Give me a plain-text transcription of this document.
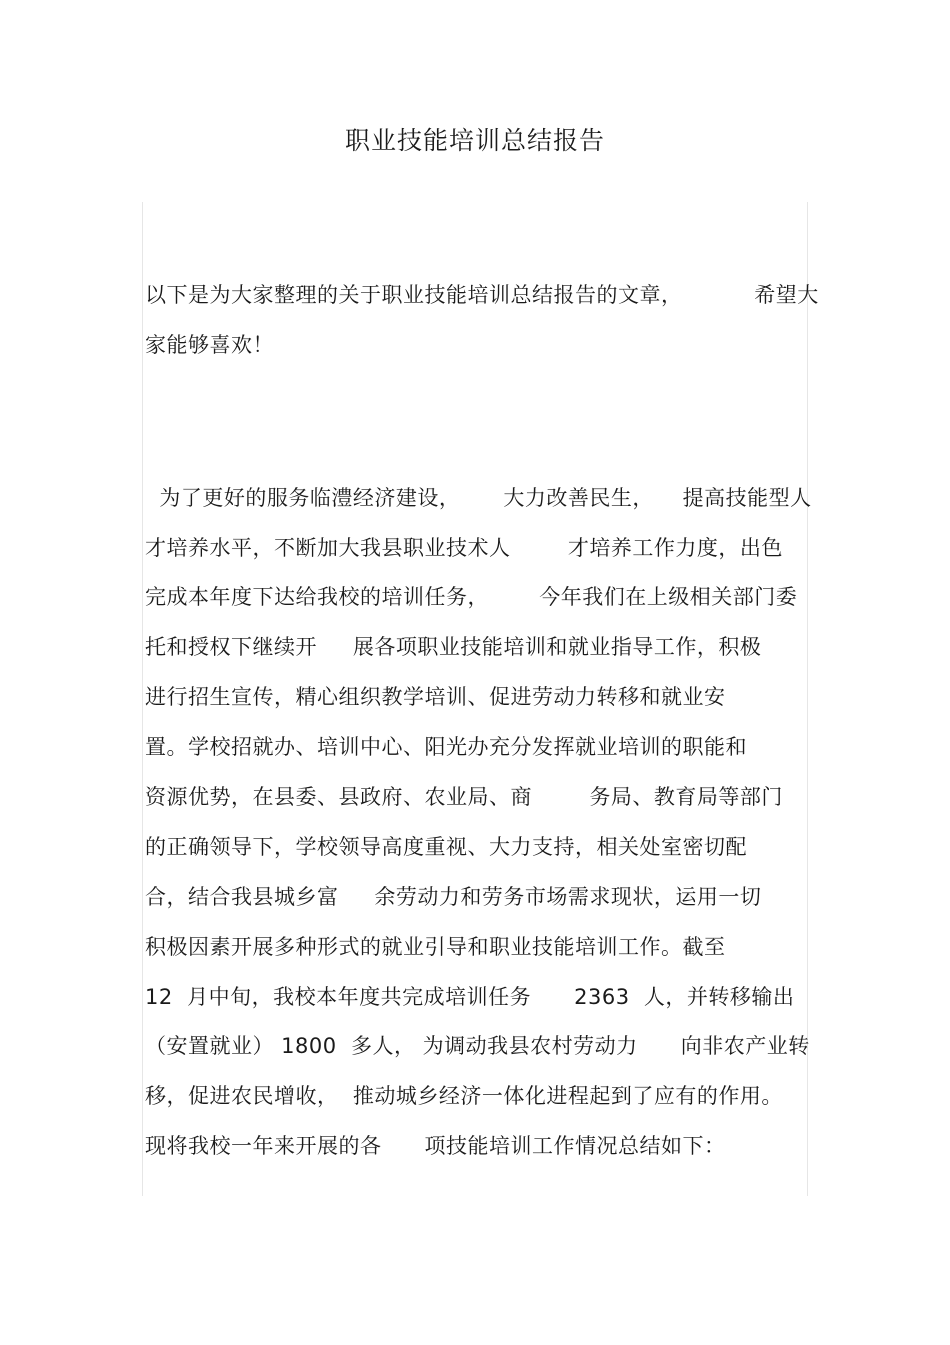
职业技能培训总结报告
以下是为大家整理的关于职业技能培训总结报告的文章，          希望大
家能够喜欢！
为了更好的服务临澧经济建设，      大力改善民生，    提高技能型人
才培养水平，不断加大我县职业技术人        才培养工作力度，出色
完成本年度下达给我校的培训任务，       今年我们在上级相关部门委
托和授权下继续开     展各项职业技能培训和就业指导工作，积极
进行招生宣传，精心组织教学培训、促进劳动力转移和就业安
置。学校招就办、培训中心、阳光办充分发挥就业培训的职能和
资源优势，在县委、县政府、农业局、商        务局、教育局等部门
的正确领导下，学校领导高度重视、大力支持，相关处室密切配
合，结合我县城乡富     余劳动力和劳务市场需求现状，运用一切
积极因素开展多种形式的就业引导和职业技能培训工作。截至
12  月中旬，我校本年度共完成培训任务      2363  人，并转移输出
（安置就业） 1800  多人， 为调动我县农村劳动力      向非农产业转
移，促进农民增收，  推动城乡经济一体化进程起到了应有的作用。
现将我校一年来开展的各      项技能培训工作情况总结如下：
